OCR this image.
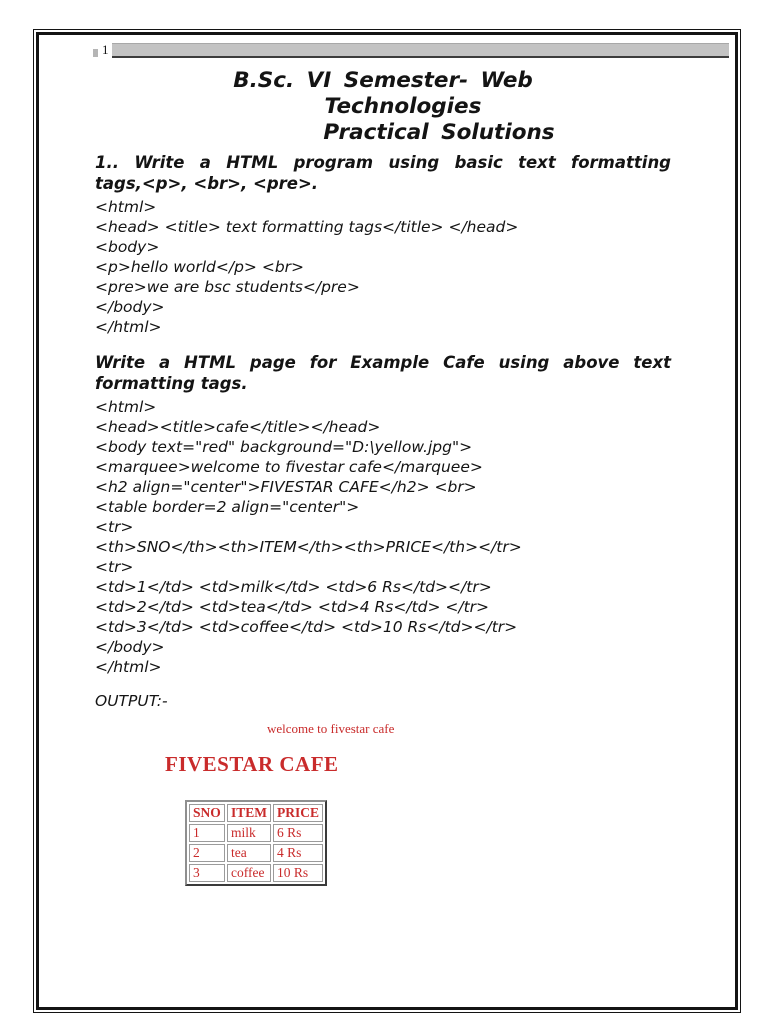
1
B.Sc. VI Semester- Web
Technologies
Practical Solutions
1.. Write a HTML program using basic text formatting
tags,<p>, <br>, <pre>.
<html>
<head> <title> text formatting tags</title> </head>
<body>
<p>hello world</p> <br>
<pre>we are bsc students</pre>
</body>
</html>
Write a HTML page for Example Cafe using above text
formatting tags.
<html>
<head><title>cafe</title></head>
<body text="red" background="D:\yellow.jpg">
<marquee>welcome to fivestar cafe</marquee>
<h2 align="center">FIVESTAR CAFE</h2> <br>
<table border=2 align="center">
<tr>
<th>SNO</th><th>ITEM</th><th>PRICE</th></tr>
<tr>
<td>1</td> <td>milk</td> <td>6 Rs</td></tr>
<td>2</td> <td>tea</td> <td>4 Rs</td> </tr>
<td>3</td> <td>coffee</td> <td>10 Rs</td></tr>
</body>
</html>
OUTPUT:-
welcome to fivestar cafe
FIVESTAR CAFE
SNO	ITEM	PRICE
1	milk	6 Rs
2	tea	4 Rs
3	coffee	10 Rs
